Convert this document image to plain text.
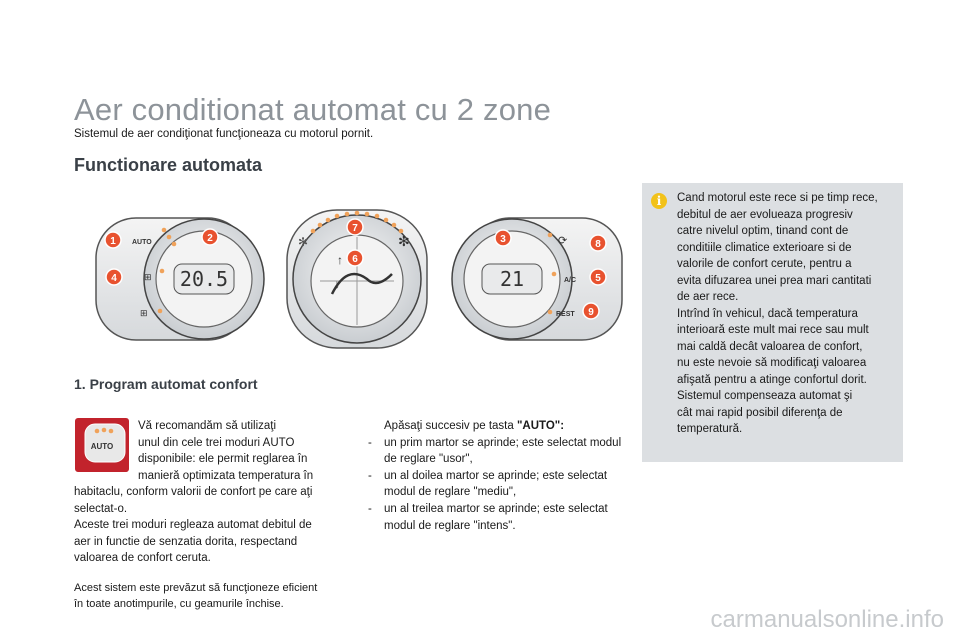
Aer conditionat automat cu 2 zone
Sistemul de aer condiţionat funcţioneaza cu motorul pornit.
Functionare automata
20.5
AUTO
⊞
⊞
↑
↓
✻	✻
21
⟳
A/C
REST
1	2	3
4	5
6
7
8
9
1. Program automat confort
AUTO
Vă recomandăm să utilizaţi
unul din cele trei moduri AUTO
disponibile: ele permit reglarea în
manieră optimizata temperatura în
habitaclu, conform valorii de confort pe care aţi
selectat-o.
Aceste trei moduri regleaza automat debitul de
aer in functie de senzatia dorita, respectand
valoarea de confort ceruta.
Acest sistem este prevăzut să funcţioneze eficient
în toate anotimpurile, cu geamurile închise.
Apăsaţi succesiv pe tasta "AUTO":
-	un prim martor se aprinde; este selectat modul de reglare "usor",
-	un al doilea martor se aprinde; este selectat modul de reglare "mediu",
-	un al treilea martor se aprinde; este selectat modul de reglare "intens".
i	Cand motorul este rece si pe timp rece,
debitul de aer evolueaza progresiv
catre nivelul optim, tinand cont de
conditiile climatice exterioare si de
valorile de confort cerute, pentru a
evita difuzarea unei prea mari cantitati
de aer rece.
Intrînd în vehicul, dacă temperatura
interioară este mult mai rece sau mult
mai caldă decât valoarea de confort,
nu este nevoie să modificaţi valoarea
afişată pentru a atinge confortul dorit.
Sistemul compenseaza automat şi
cât mai rapid posibil diferenţa de
temperatură.
carmanualsonline.info
